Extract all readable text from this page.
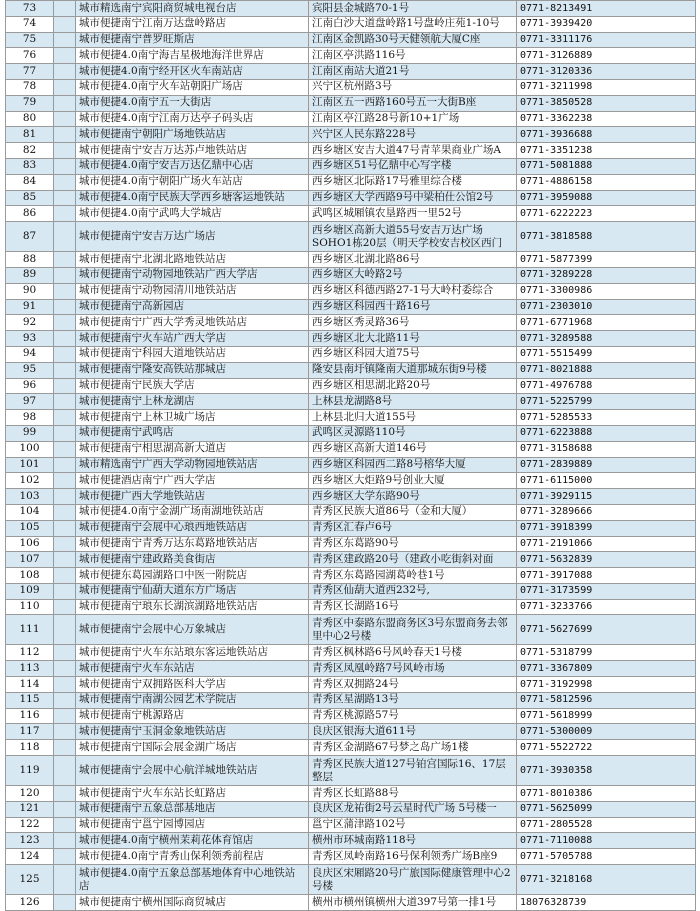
73		城市精选南宁宾阳商贸城电视台店	宾阳县金城路70-1号	0771-8213491
74		城市便捷南宁江南万达盘岭路店	江南白沙大道盘岭路1号盘岭庄苑1-10号	0771-3939420
75		城市便捷南宁普罗旺斯店	江南区金凯路30号天健领航大厦C座	0771-3311176
76		城市便捷4.0南宁海吉星极地海洋世界店	江南区亭洪路116号	0771-3126889
77		城市便捷4.0南宁经开区火车南站店	江南区南站大道21号	0771-3120336
78		城市便捷4.0南宁火车站朝阳广场店	兴宁区杭州路3号	0771-3211998
79		城市便捷4.0南宁五一大街店	江南区五一西路160号五一大街B座	0771-3850528
80		城市便捷4.0南宁江南万达亭子码头店	江南区亭江路28号新10+1广场	0771-3362238
81		城市便捷南宁朝阳广场地铁站店	兴宁区人民东路228号	0771-3936688
82		城市便捷南宁安吉万达苏卢地铁站店	西乡塘区安吉大道47号青苹果商业广场A	0771-3351238
83		城市便捷4.0南宁安吉万达亿鼎中心店	西乡塘区51号亿鼎中心写字楼	0771-5081888
84		城市便捷4.0南宁朝阳广场火车站店	西乡塘区北际路17号雅里综合楼	0771-4886158
85		城市便捷4.0南宁民族大学西乡塘客运地铁站	西乡塘区大学西路9号中梁柏仕公馆2号	0771-3959088
86		城市便捷4.0南宁武鸣大学城店	武鸣区城厢镇农垦路西一里52号	0771-6222223
87		城市便捷南宁安吉万达广场店	西乡塘区高新大道55号安吉万达广场SOHO1栋20层（明天学校安吉校区西门	0771-3818588
88		城市便捷南宁北湖北路地铁站店	西乡塘区北湖北路86号	0771-5877399
89		城市便捷南宁动物园地铁站广西大学店	西乡塘区大岭路2号	0771-3289228
90		城市便捷南宁动物园清川地铁站店	西乡塘区科德西路27-1号大岭村委综合	0771-3300986
91		城市便捷南宁高新园店	西乡塘区科园西十路16号	0771-2303010
92		城市便捷南宁广西大学秀灵地铁站店	西乡塘区秀灵路36号	0771-6771968
93		城市便捷南宁火车站广西大学店	西乡塘区北大北路11号	0771-3289588
94		城市便捷南宁科园大道地铁站店	西乡塘区科园大道75号	0771-5515499
95		城市便捷南宁隆安高铁站那城店	隆安县南圩镇隆南大道那城东街9号楼	0771-8021888
96		城市便捷南宁民族大学店	西乡塘区相思湖北路20号	0771-4976788
97		城市便捷南宁上林龙湖店	上林县龙湖路8号	0771-5225799
98		城市便捷南宁上林卫城广场店	上林县北归大道155号	0771-5285533
99		城市便捷南宁武鸣店	武鸣区灵源路110号	0771-6223888
100		城市便捷南宁相思湖高新大道店	西乡塘区高新大道146号	0771-3158688
101		城市精选南宁广西大学动物园地铁站店	西乡塘区科园西二路8号榕华大厦	0771-2839889
102		城市便捷酒店南宁广西大学店	西乡塘区大炬路9号创业大厦	0771-6115000
103		城市便捷广西大学地铁站店	西乡塘区大学东路90号	0771-3929115
104		城市便捷4.0南宁金湖广场南湖地铁站店	青秀区民族大道86号（金和大厦）	0771-3289666
105		城市便捷南宁会展中心琅西地铁站店	青秀区汇春卢6号	0771-3918399
106		城市便捷南宁青秀万达东葛路地铁站店	青秀区东葛路90号	0771-2191066
107		城市便捷南宁建政路美食街店	青秀区建政路20号（建政小吃街斜对面	0771-5632839
108		城市便捷东葛园湖路口中医一附院店	青秀区东葛路园湖葛岭巷1号	0771-3917088
109		城市便捷南宁仙葫大道东方广场店	青秀区仙葫大道西232号,	0771-3173599
110		城市便捷南宁琅东长湖滨湖路地铁站店	青秀区长湖路16号	0771-3233766
111		城市便捷南宁会展中心万象城店	青秀区中泰路东盟商务区3号东盟商务去邻里中心2号楼	0771-5627699
112		城市便捷南宁火车东站琅东客运地铁站店	青秀区枫林路6号风岭春天1号楼	0771-5318799
113		城市便捷南宁火车东站店	青秀区凤凰岭路7号风岭市场	0771-3367809
114		城市便捷南宁双拥路医科大学店	青秀区双拥路24号	0771-3192998
115		城市便捷南宁南湖公园艺术学院店	青秀区星湖路13号	0771-5812596
116		城市便捷南宁桃源路店	青秀区桃源路57号	0771-5618999
117		城市便捷南宁玉洞金象地铁站店	良庆区银海大道611号	0771-5300009
118		城市便捷南宁国际会展金湖广场店	青秀区金湖路67号梦之岛广场1楼	0771-5522722
119		城市便捷南宁会展中心航洋城地铁站店	青秀区民族大道127号铂宫国际16、17层整层	0771-3930358
120		城市便捷南宁火车东站长虹路店	青秀区长虹路88号	0771-8010386
121		城市便捷南宁五象总部基地店	良庆区龙祐街2号云星时代广场 5号楼一	0771-5625099
122		城市便捷南宁邕宁园博园店	邕宁区蒲津路102号	0771-2805528
123		城市便捷4.0南宁横州茉莉花体育馆店	横州市环城南路118号	0771-7110088
124		城市便捷4.0南宁青秀山保利领秀前程店	青秀区凤岭南路16号保利领秀广场B座9	0771-5705788
125		城市便捷4.0南宁五象总部基地体育中心地铁站店	良庆区宋厢路20号广旅国际健康管理中心2号楼	0771-3218168
126		城市便捷南宁横州国际商贸城店	横州市横州镇横州大道397号第一排1号	18076328739
